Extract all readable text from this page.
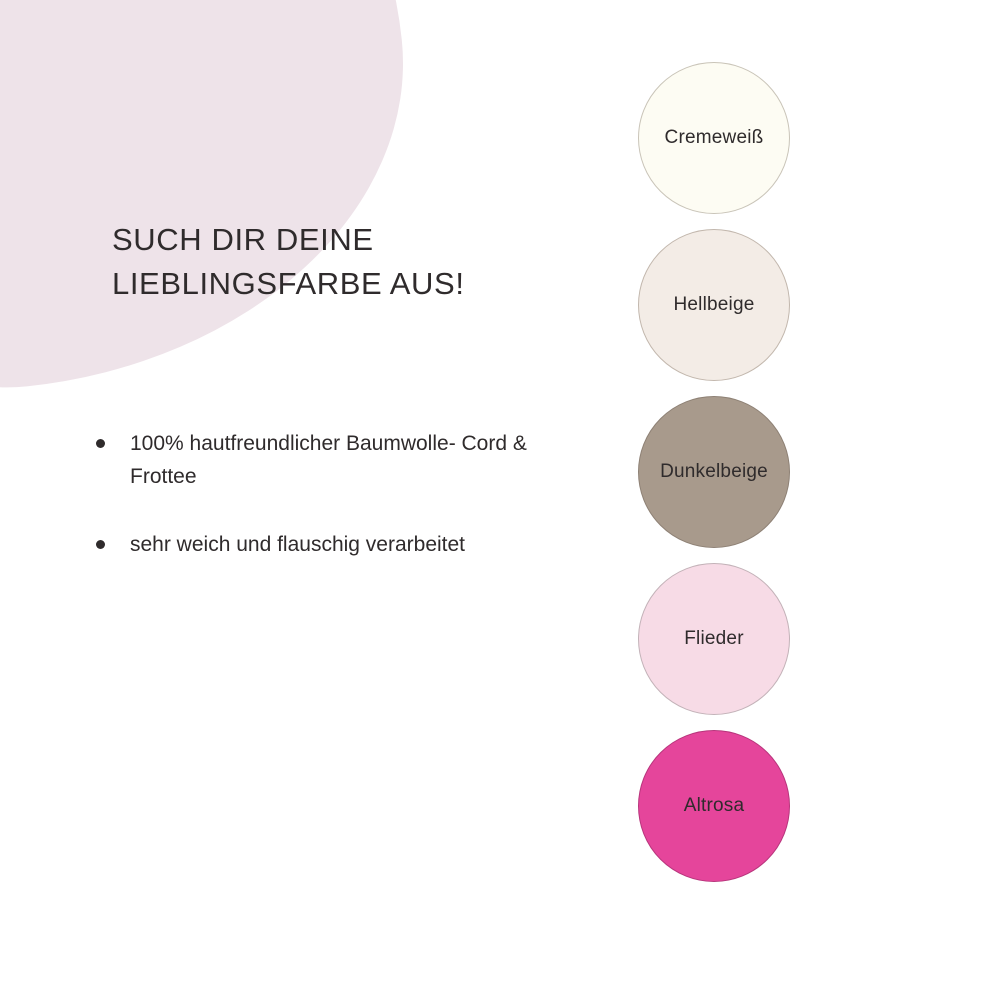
SUCH DIR DEINE LIEBLINGSFARBE AUS!
100% hautfreundlicher Baumwolle- Cord & Frottee
sehr weich und flauschig verarbeitet
Cremeweiß
Hellbeige
Dunkelbeige
Flieder
Altrosa
